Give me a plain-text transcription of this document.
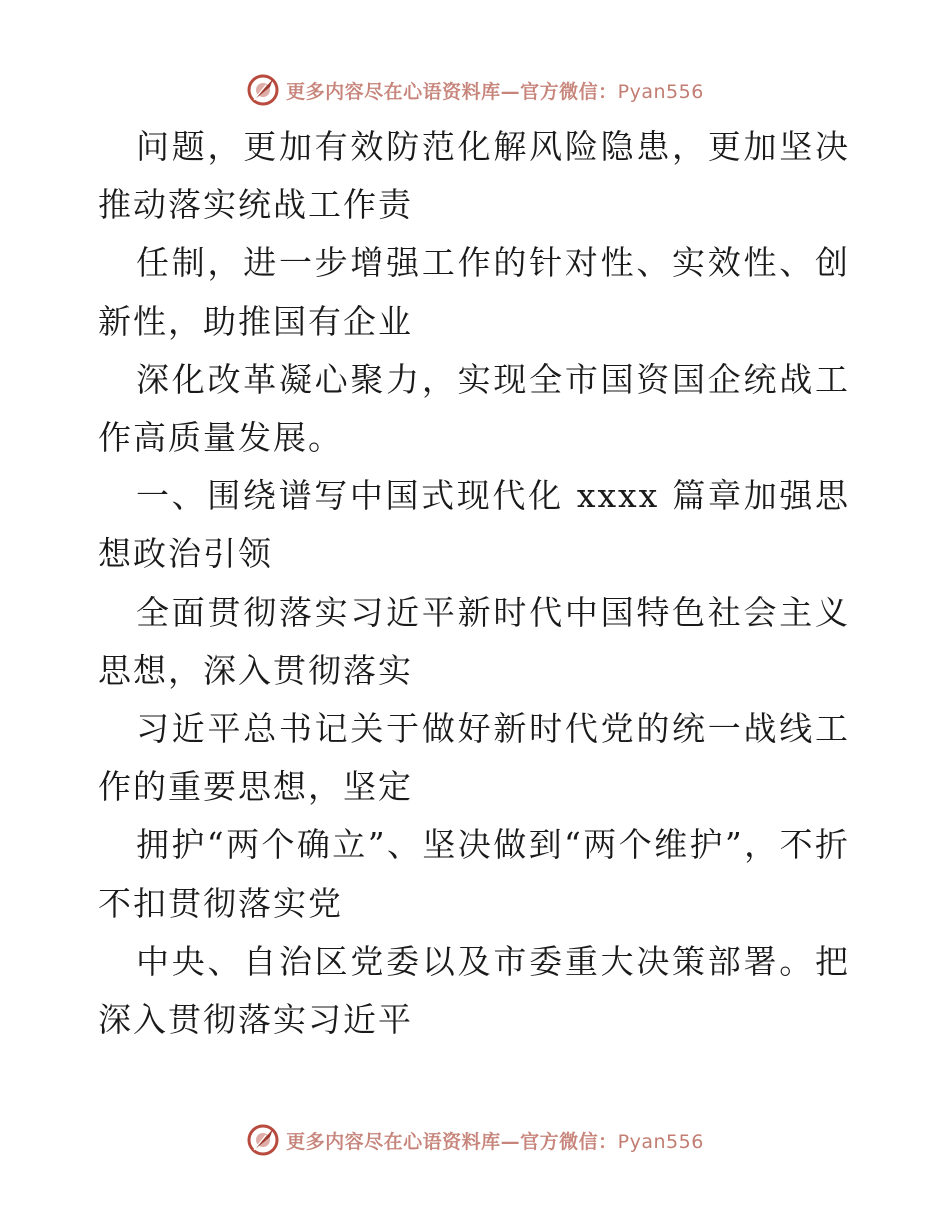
更多内容尽在心语资料库—官方微信：Pyan556

问题，更加有效防范化解风险隐患，更加坚决推动落实统战工作责

任制，进一步增强工作的针对性、实效性、创新性，助推国有企业

深化改革凝心聚力，实现全市国资国企统战工作高质量发展。

一、围绕谱写中国式现代化 xxxx 篇章加强思想政治引领

全面贯彻落实习近平新时代中国特色社会主义思想，深入贯彻落实

习近平总书记关于做好新时代党的统一战线工作的重要思想，坚定

拥护“两个确立”、坚决做到“两个维护”，不折不扣贯彻落实党

中央、自治区党委以及市委重大决策部署。把深入贯彻落实习近平

更多内容尽在心语资料库—官方微信：Pyan556
